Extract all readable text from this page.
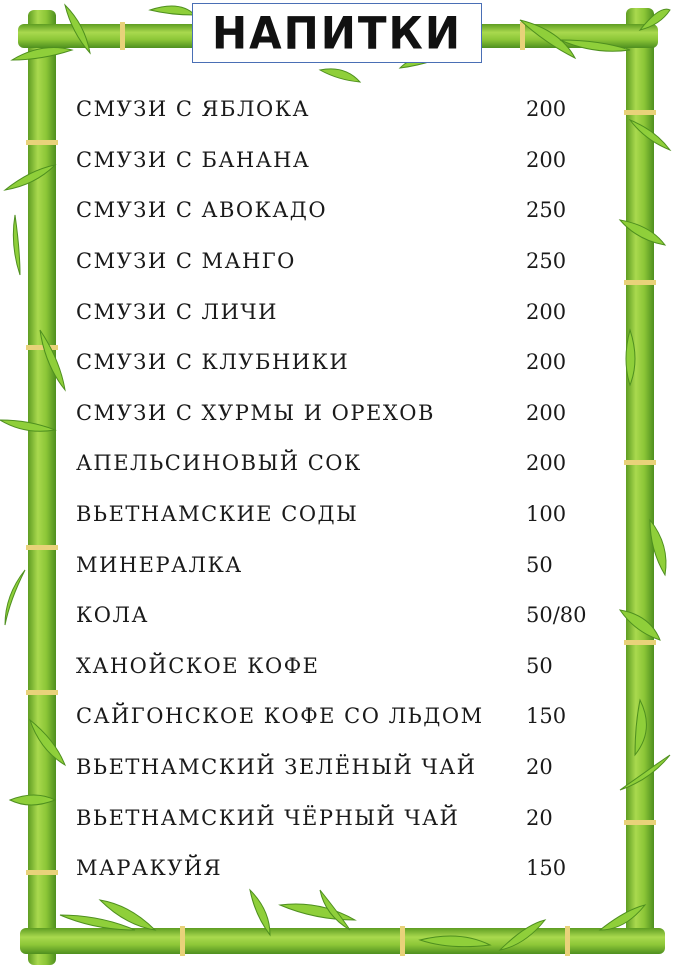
НАПИТКИ
СМУЗИ С ЯБЛОКА	200
СМУЗИ С БАНАНА	200
СМУЗИ С АВОКАДО	250
СМУЗИ С МАНГО	250
СМУЗИ С ЛИЧИ	200
СМУЗИ С КЛУБНИКИ	200
СМУЗИ С ХУРМЫ И ОРЕХОВ	200
АПЕЛЬСИНОВЫЙ СОК	200
ВЬЕТНАМСКИЕ СОДЫ	100
МИНЕРАЛКА	50
КОЛА	50/80
ХАНОЙСКОЕ КОФЕ	50
САЙГОНСКОЕ КОФЕ СО ЛЬДОМ	150
ВЬЕТНАМСКИЙ ЗЕЛЁНЫЙ ЧАЙ	20
ВЬЕТНАМСКИЙ ЧЁРНЫЙ ЧАЙ	20
МАРАКУЙЯ	150
